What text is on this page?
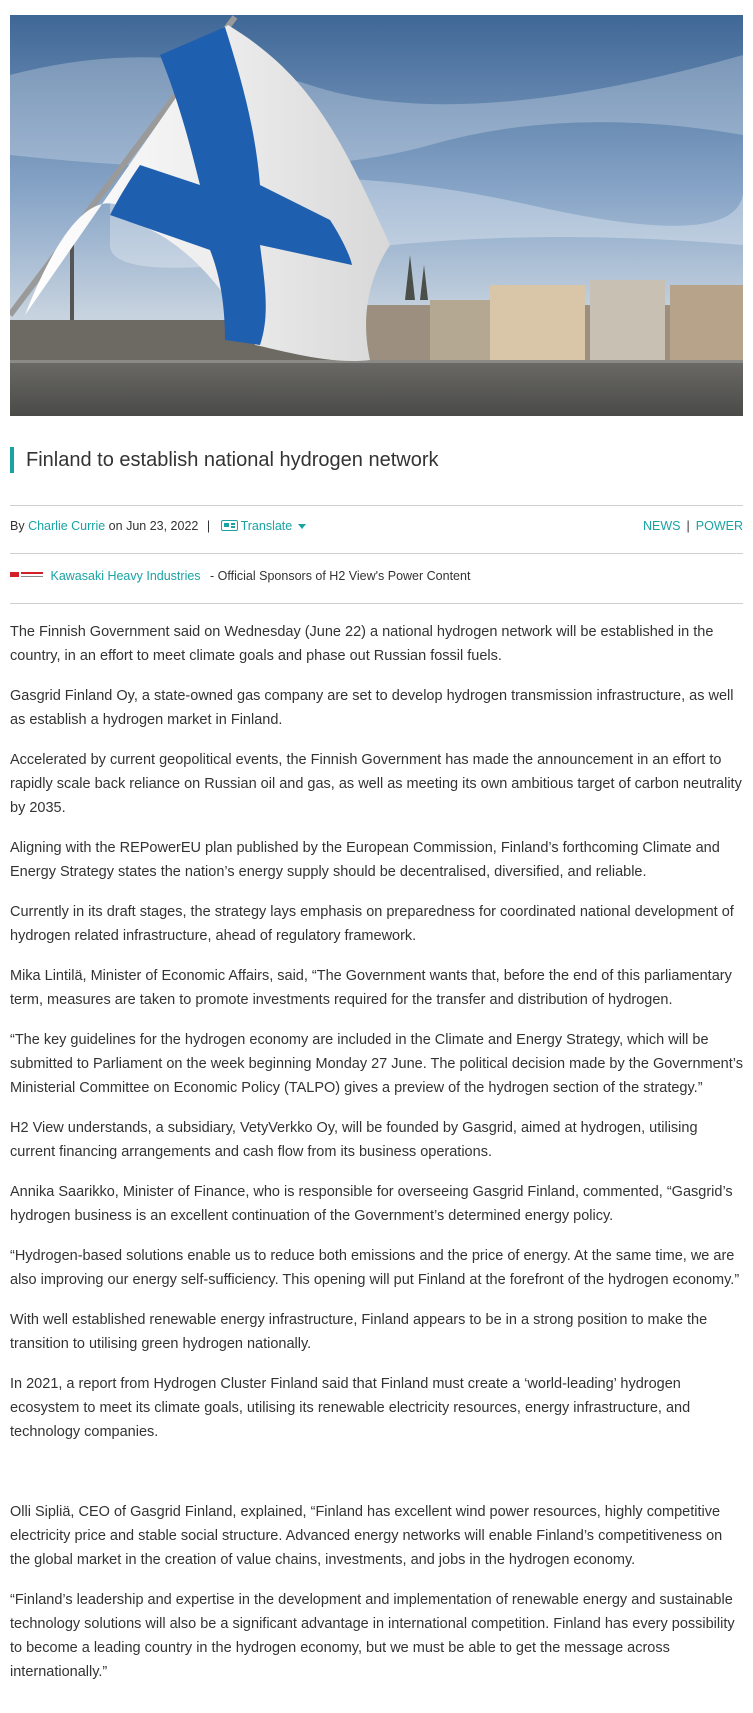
Finland to establish national hydrogen network
By Charlie Currie on Jun 23, 2022 | Translate	NEWS | POWER
Kawasaki Heavy Industries - Official Sponsors of H2 View's Power Content

The Finnish Government said on Wednesday (June 22) a national hydrogen network will be established in the country, in an effort to meet climate goals and phase out Russian fossil fuels.

Gasgrid Finland Oy, a state-owned gas company are set to develop hydrogen transmission infrastructure, as well as establish a hydrogen market in Finland.

Accelerated by current geopolitical events, the Finnish Government has made the announcement in an effort to rapidly scale back reliance on Russian oil and gas, as well as meeting its own ambitious target of carbon neutrality by 2035.

Aligning with the REPowerEU plan published by the European Commission, Finland’s forthcoming Climate and Energy Strategy states the nation’s energy supply should be decentralised, diversified, and reliable.

Currently in its draft stages, the strategy lays emphasis on preparedness for coordinated national development of hydrogen related infrastructure, ahead of regulatory framework.

Mika Lintilä, Minister of Economic Affairs, said, “The Government wants that, before the end of this parliamentary term, measures are taken to promote investments required for the transfer and distribution of hydrogen.

“The key guidelines for the hydrogen economy are included in the Climate and Energy Strategy, which will be submitted to Parliament on the week beginning Monday 27 June. The political decision made by the Government’s Ministerial Committee on Economic Policy (TALPO) gives a preview of the hydrogen section of the strategy.”

H2 View understands, a subsidiary, VetyVerkko Oy, will be founded by Gasgrid, aimed at hydrogen, utilising current financing arrangements and cash flow from its business operations.

Annika Saarikko, Minister of Finance, who is responsible for overseeing Gasgrid Finland, commented, “Gasgrid’s hydrogen business is an excellent continuation of the Government’s determined energy policy.

“Hydrogen-based solutions enable us to reduce both emissions and the price of energy. At the same time, we are also improving our energy self-sufficiency. This opening will put Finland at the forefront of the hydrogen economy.”

With well established renewable energy infrastructure, Finland appears to be in a strong position to make the transition to utilising green hydrogen nationally.

In 2021, a report from Hydrogen Cluster Finland said that Finland must create a ‘world-leading’ hydrogen ecosystem to meet its climate goals, utilising its renewable electricity resources, energy infrastructure, and technology companies.

Olli Sipliä, CEO of Gasgrid Finland, explained, “Finland has excellent wind power resources, highly competitive electricity price and stable social structure. Advanced energy networks will enable Finland’s competitiveness on the global market in the creation of value chains, investments, and jobs in the hydrogen economy.

“Finland’s leadership and expertise in the development and implementation of renewable energy and sustainable technology solutions will also be a significant advantage in international competition. Finland has every possibility to become a leading country in the hydrogen economy, but we must be able to get the message across internationally.”
